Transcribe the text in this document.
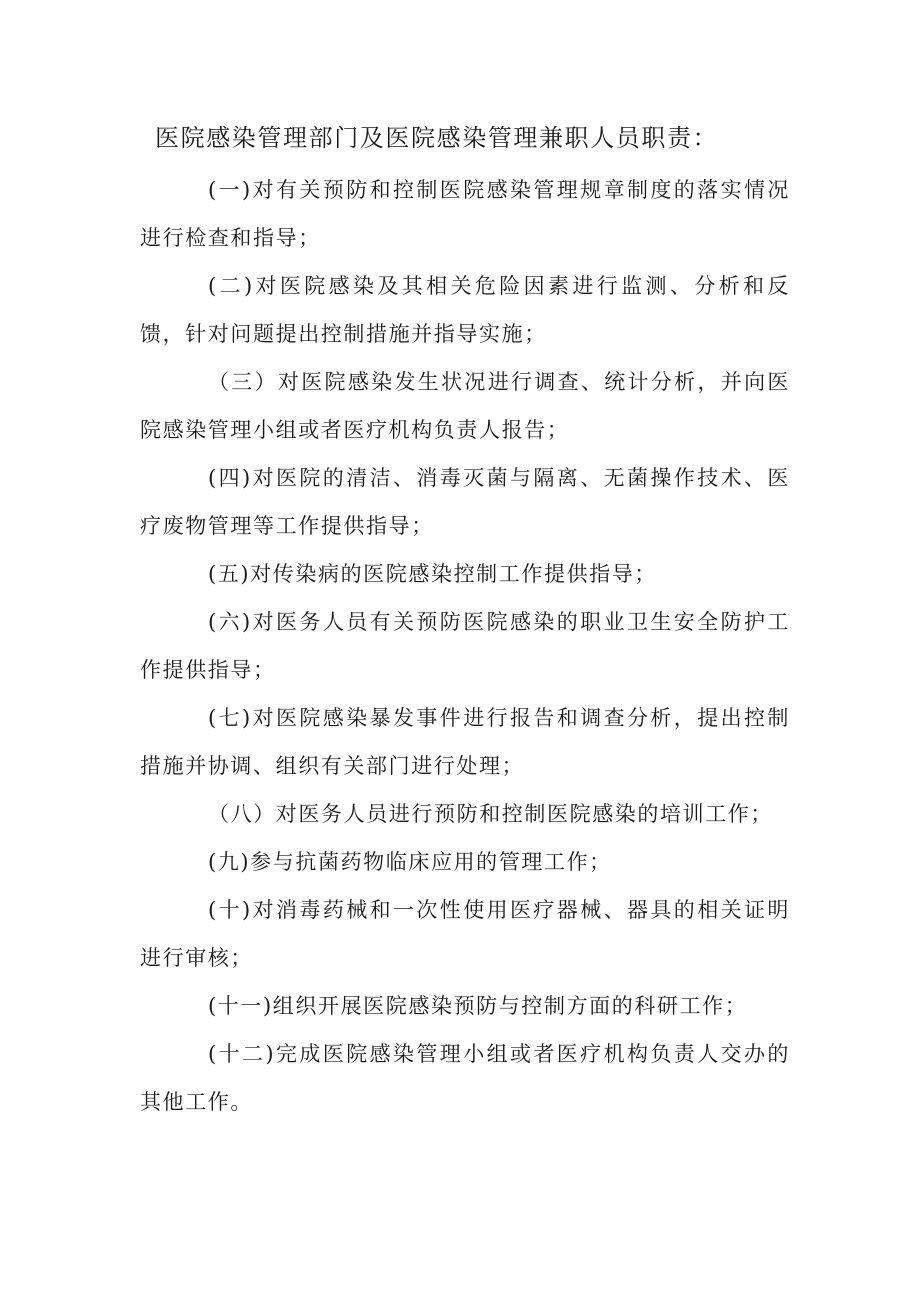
医院感染管理部门及医院感染管理兼职人员职责：
(一)对有关预防和控制医院感染管理规章制度的落实情况进行检查和指导；
(二)对医院感染及其相关危险因素进行监测、分析和反馈，针对问题提出控制措施并指导实施；
（三）对医院感染发生状况进行调查、统计分析，并向医院感染管理小组或者医疗机构负责人报告；
(四)对医院的清洁、消毒灭菌与隔离、无菌操作技术、医疗废物管理等工作提供指导；
(五)对传染病的医院感染控制工作提供指导；
(六)对医务人员有关预防医院感染的职业卫生安全防护工作提供指导；
(七)对医院感染暴发事件进行报告和调查分析，提出控制措施并协调、组织有关部门进行处理；
（八）对医务人员进行预防和控制医院感染的培训工作；
(九)参与抗菌药物临床应用的管理工作；
(十)对消毒药械和一次性使用医疗器械、器具的相关证明进行审核；
(十一)组织开展医院感染预防与控制方面的科研工作；
(十二)完成医院感染管理小组或者医疗机构负责人交办的其他工作。
